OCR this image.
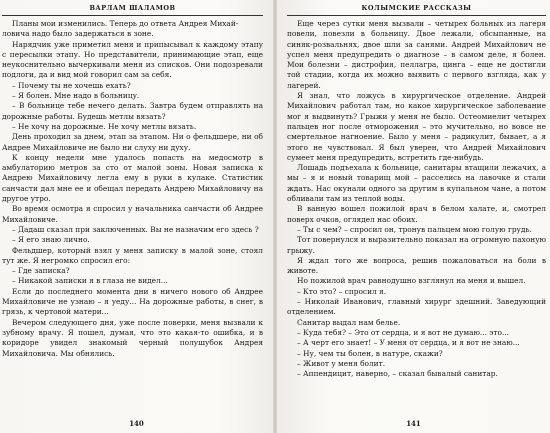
ВАРЛАМ ШАЛАМОВ

Планы мои изменились. Теперь до ответа Андрея Михай-

ловича надо было задержаться в зоне.

Нарядчик уже приметил меня и припысывал к каждому этапу с пересылки этапу. Но представители, принимающие этап, еще неукоснительно вычеркивали меня из списков. Они подозревали подлоги, да и вид мой говорил сам за себя.

– Почему ты не хочешь ехать?

– Я болен. Мне надо в больницу.

– В больнице тебе нечего делать. Завтра будем отправлять на дорожные работы. Будешь метлы вязать?

– Не хочу на дорожные. Не хочу метлы вязать.

День проходил за днем, этап за этапом. Ни о фельдшере, ни об Андрее Михайловиче не было ни слуху ни духу.

К концу недели мне удалось попасть на медосмотр в амбулаторию метров за сто от малой зоны. Новая записка к Андрею Михайловичу легла ему в руки в кулаке. Статистик санчасти дал мне ее и обещал передать Андрею Михайловичу на другое утро.

Во время осмотра я спросил у начальника санчасти об Андрее Михайловиче.

– Дадаш сказал при заключенных. Вы не назначим его здесь ?

– Я его знаю лично.

Фельдшер, который взял у меня записку в малой зоне, стоял тут же. Я негромко спросил его:

– Где записка?

– Никакой записки я в глаза не видел...

Если до последнего момента дни в ничего нового об Андрее Михайловиче не узнаю – я уеду... На дорожные работы, в снег, в грязь, к чертовой матери...

Вечером следующего дня, уже после поверки, меня вызвали к зубному врачу. Я пошел, думая, что это какая-то ошибка, и в коридоре увидел знакомый черный полушубок Андрея Михайловича. Мы обнялись.

140
КОЛЫМСКИЕ РАССКАЗЫ

Еще через сутки меня вызвали – четырех больных из лагеря повели, повезли в больницу. Двое лежали, обсыпанные, на синяк-розвальнях, двое шли за санями. Андрей Михайлович не успел меня предупредить о диагнозе – в самом деле, я болен. Мои болезни – дистрофия, пеллагра, цинга – еще не достигли той стадии, когда их можно выявить с первого взгляда, как у лагерей.

Я знал, что ложусь в хирургическое отделение. Андрей Михайлович работал там, но какое хирургическое заболевание мог я выдвинуть? Грыжи у меня не было. Остеомиелит четырех пальцев ног после отморожения – это мучительно, но вовсе не смертельное нагноение. Было у меня – радикулит, бывает, а я этого не чувствовал. Я был уверен, что Андрей Михайлович сумеет меня предупредить, встретить где-нибудь.

Лошадь подъехала к больнице, санитары втащили лежачих, а мы – я и новый товарищ мой – расселись на лавочке и стали ждать. Нас окунали одного за другим в купальном чане, а потом обливали там из теплой воды.

В ванную вошел пожилой врач в белом халате, и, смотрел поверх очков, оглядел нас обоих.

– Ты с чем? – спросил он, тронув пальцем мою голую грудь.

Тот повернулся и выразительно показал на огромную пахоную грыжу.

Я ждал того же вопроса, решив пожаловаться на боли в животе.

Но пожилой врач равнодушно взглянул на меня и вышел.

– Кто это? – спросил я.

– Николай Иванович, главный хирург здешний. Заведующий отделением.

Санитар выдал нам белье.

– Куда тебя? – Это от сердца, и я вот не думаю... это...

– А черт его знает! – У меня от сердца, и я вот не знаю...

– Ну, чем ты болен, в натуре, скажи?

– Живот у меня болит.

– Аппендицит, наверно, – сказал бывалый санитар.

141
